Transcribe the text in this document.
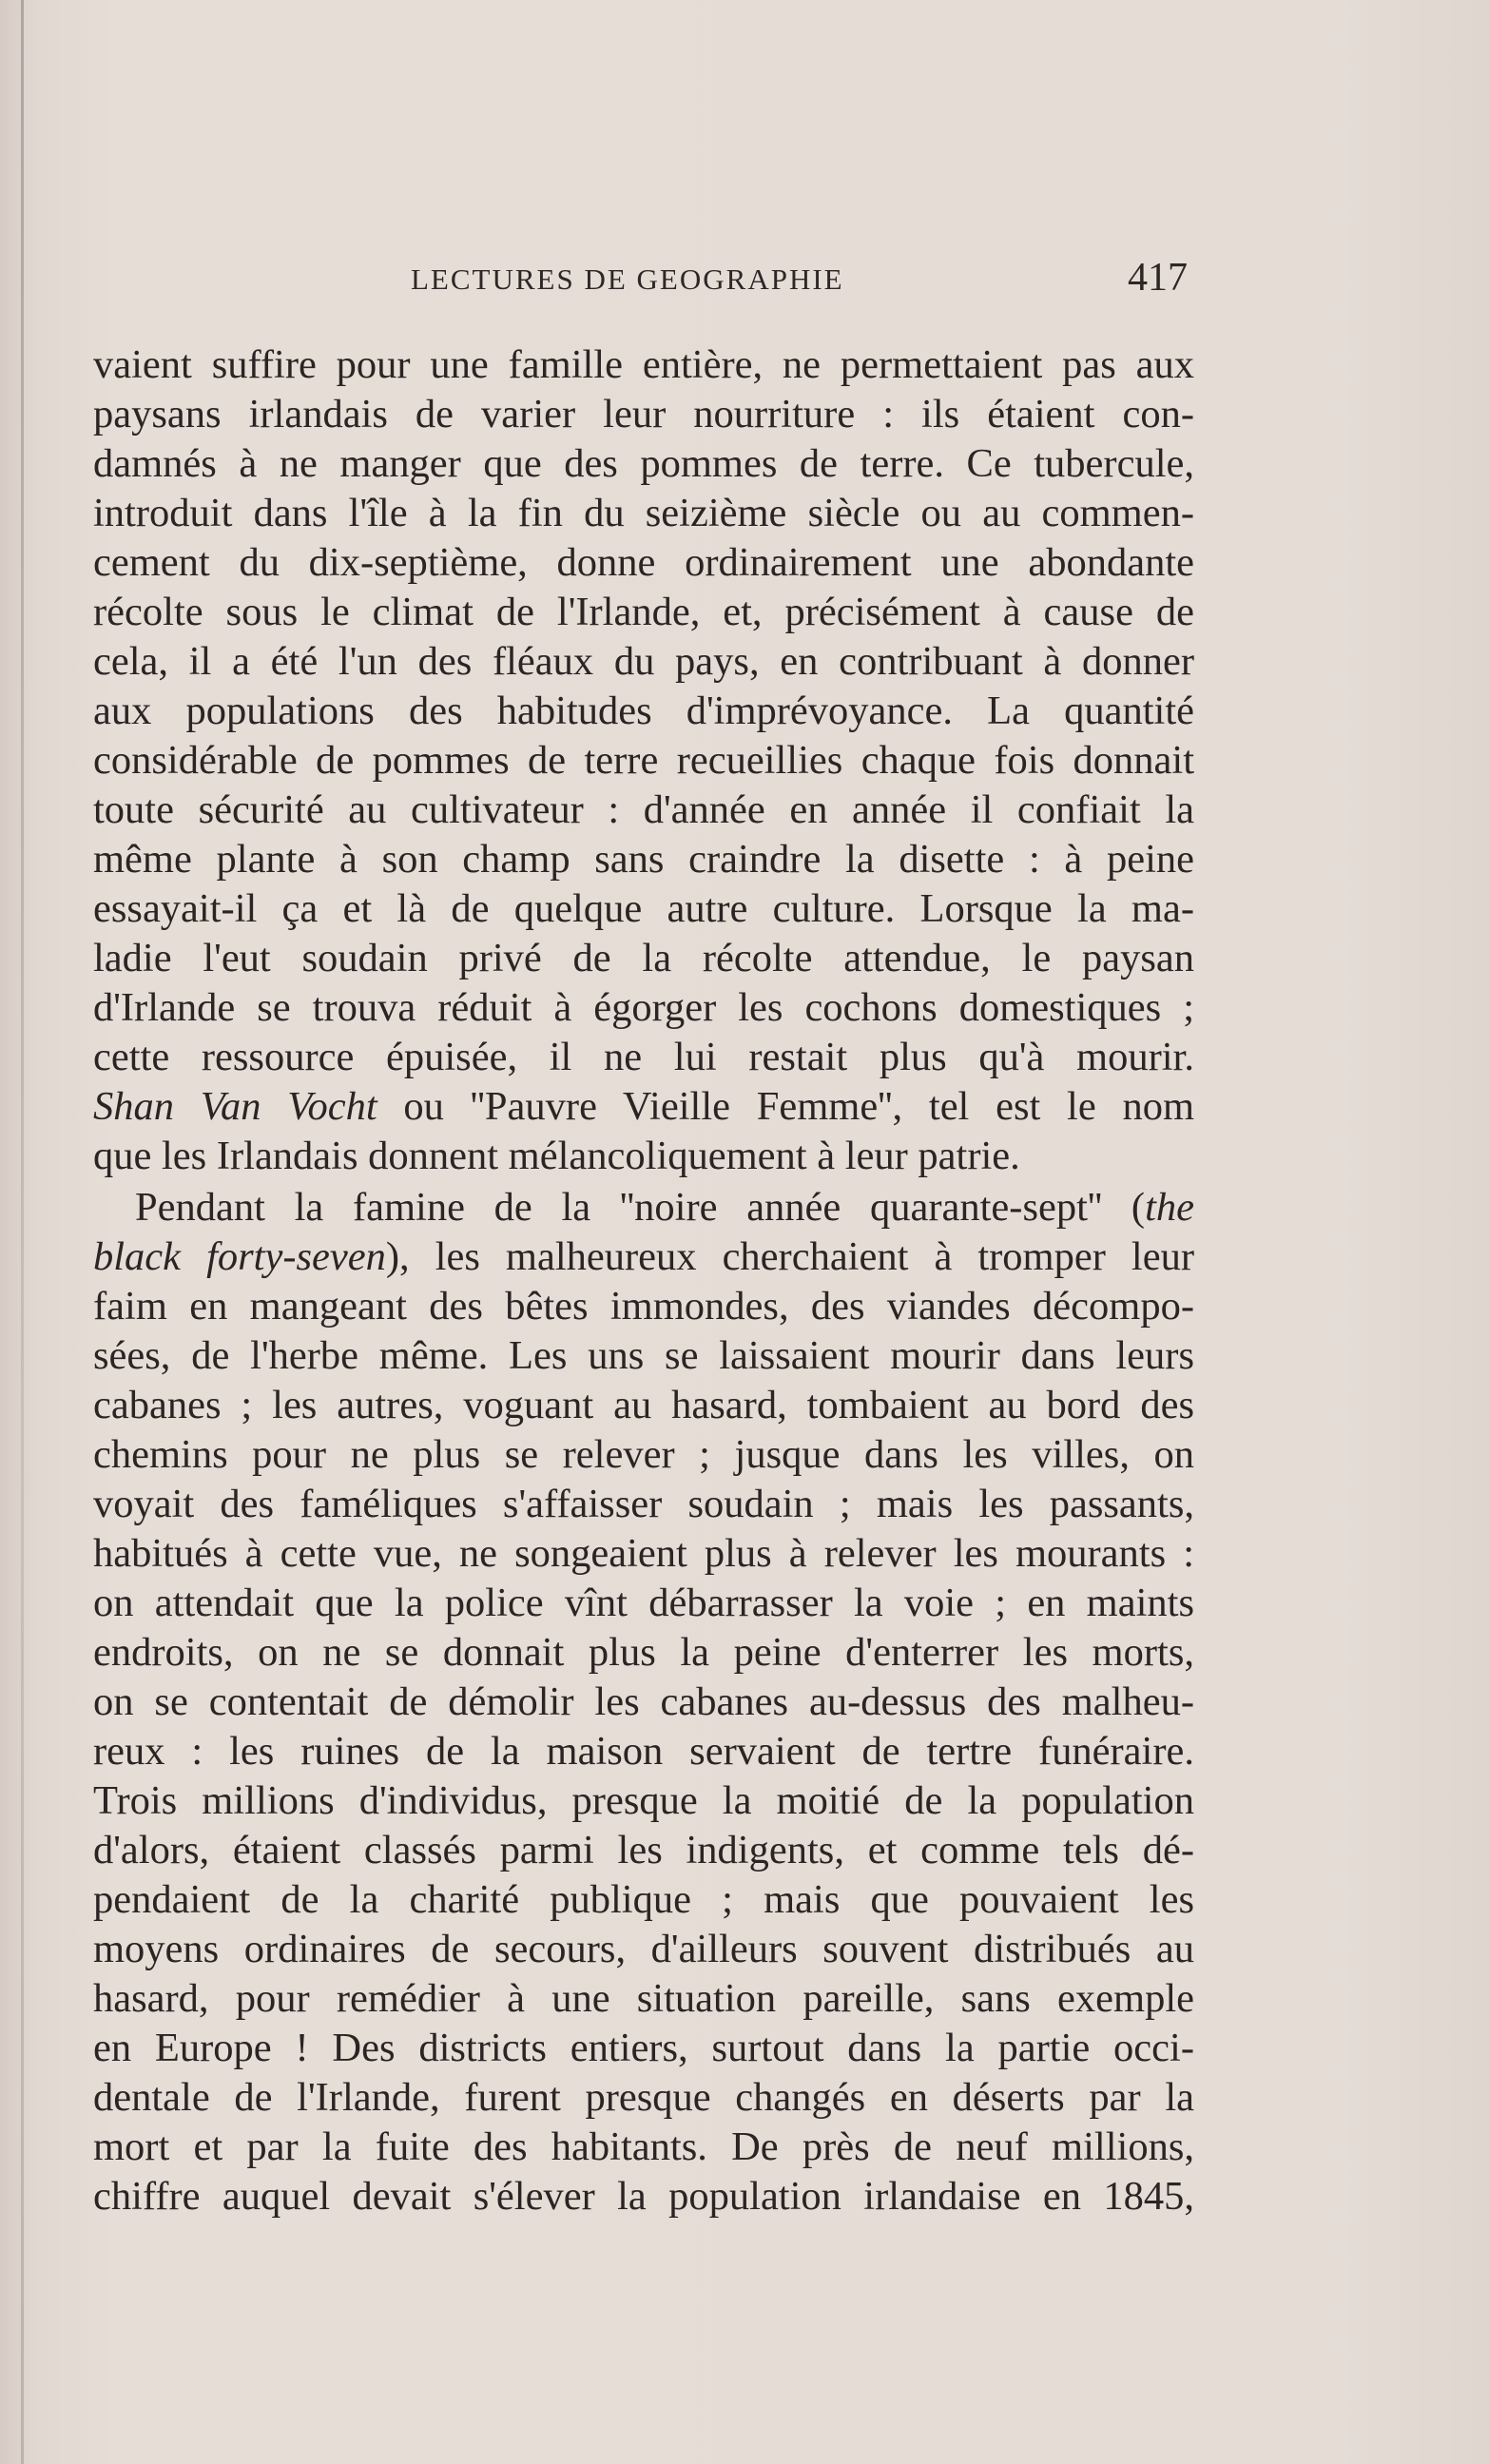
LECTURES DE GEOGRAPHIE	417
vaient suffire pour une famille entière, ne permettaient pas aux
paysans irlandais de varier leur nourriture : ils étaient con-
damnés à ne manger que des pommes de terre. Ce tubercule,
introduit dans l'île à la fin du seizième siècle ou au commen-
cement du dix-septième, donne ordinairement une abondante
récolte sous le climat de l'Irlande, et, précisément à cause de
cela, il a été l'un des fléaux du pays, en contribuant à donner
aux populations des habitudes d'imprévoyance. La quantité
considérable de pommes de terre recueillies chaque fois donnait
toute sécurité au cultivateur : d'année en année il confiait la
même plante à son champ sans craindre la disette : à peine
essayait-il ça et là de quelque autre culture. Lorsque la ma-
ladie l'eut soudain privé de la récolte attendue, le paysan
d'Irlande se trouva réduit à égorger les cochons domestiques ;
cette ressource épuisée, il ne lui restait plus qu'à mourir.
Shan Van Vocht ou ''Pauvre Vieille Femme'', tel est le nom
que les Irlandais donnent mélancoliquement à leur patrie.
Pendant la famine de la ''noire année quarante-sept'' (the
black forty-seven), les malheureux cherchaient à tromper leur
faim en mangeant des bêtes immondes, des viandes décompo-
sées, de l'herbe même. Les uns se laissaient mourir dans leurs
cabanes ; les autres, voguant au hasard, tombaient au bord des
chemins pour ne plus se relever ; jusque dans les villes, on
voyait des faméliques s'affaisser soudain ; mais les passants,
habitués à cette vue, ne songeaient plus à relever les mourants :
on attendait que la police vînt débarrasser la voie ; en maints
endroits, on ne se donnait plus la peine d'enterrer les morts,
on se contentait de démolir les cabanes au-dessus des malheu-
reux : les ruines de la maison servaient de tertre funéraire.
Trois millions d'individus, presque la moitié de la population
d'alors, étaient classés parmi les indigents, et comme tels dé-
pendaient de la charité publique ; mais que pouvaient les
moyens ordinaires de secours, d'ailleurs souvent distribués au
hasard, pour remédier à une situation pareille, sans exemple
en Europe ! Des districts entiers, surtout dans la partie occi-
dentale de l'Irlande, furent presque changés en déserts par la
mort et par la fuite des habitants. De près de neuf millions,
chiffre auquel devait s'élever la population irlandaise en 1845,
